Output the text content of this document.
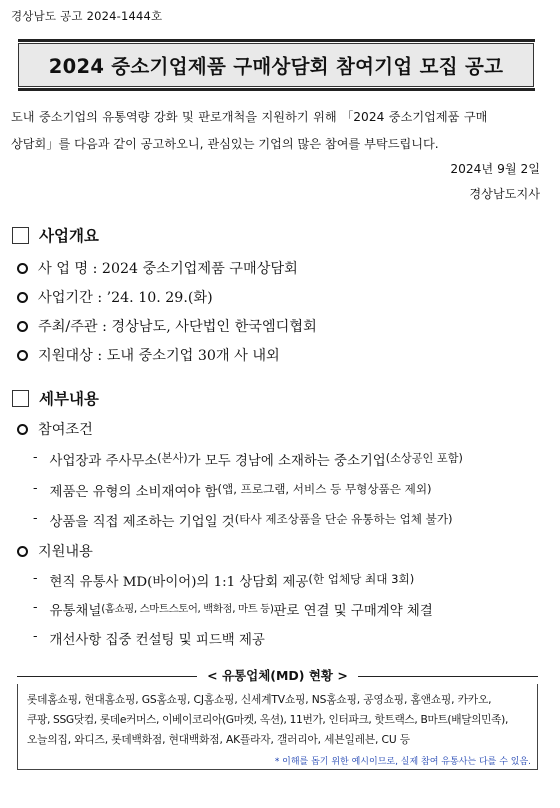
경상남도 공고 2024-1444호
2024 중소기업제품 구매상담회 참여기업 모집 공고
도내 중소기업의 유통역량 강화 및 판로개척을 지원하기 위해 「2024 중소기업제품 구매
상담회」를 다음과 같이 공고하오니, 관심있는 기업의 많은 참여를 부탁드립니다.
2024년 9월 2일
경상남도지사
사업개요
사 업 명 : 2024 중소기업제품 구매상담회
사업기간 : ’24. 10. 29.(화)
주최/주관 : 경상남도, 사단법인 한국엠디협회
지원대상 : 도내 중소기업 30개 사 내외
세부내용
참여조건
- 사업장과 주사무소 (본사) 가 모두 경남에 소재하는 중소기업 (소상공인 포함)
- 제품은 유형의 소비재여야 함 (앱, 프로그램, 서비스 등 무형상품은 제외)
- 상품을 직접 제조하는 기업일 것 (타사 제조상품을 단순 유통하는 업체 불가)
지원내용
- 현직 유통사 MD(바이어)의 1:1 상담회 제공 (한 업체당 최대 3회)
- 유통채널 (홈쇼핑, 스마트스토어, 백화점, 마트 등) 판로 연결 및 구매계약 체결
- 개선사항 집중 컨설팅 및 피드백 제공
< 유통업체(MD) 현황 >
롯데홈쇼핑, 현대홈쇼핑, GS홈쇼핑, CJ홈쇼핑, 신세계TV쇼핑, NS홈쇼핑, 공영쇼핑, 홈앤쇼핑, 카카오,
쿠팡, SSG닷컴, 롯데e커머스, 이베이코리아(G마켓, 옥션), 11번가, 인터파크, 핫트랙스, B마트(배달의민족),
오늘의집, 와디즈, 롯데백화점, 현대백화점, AK플라자, 갤러리아, 세븐일레븐, CU 등
* 이해를 돕기 위한 예시이므로, 실제 참여 유통사는 다를 수 있음.
